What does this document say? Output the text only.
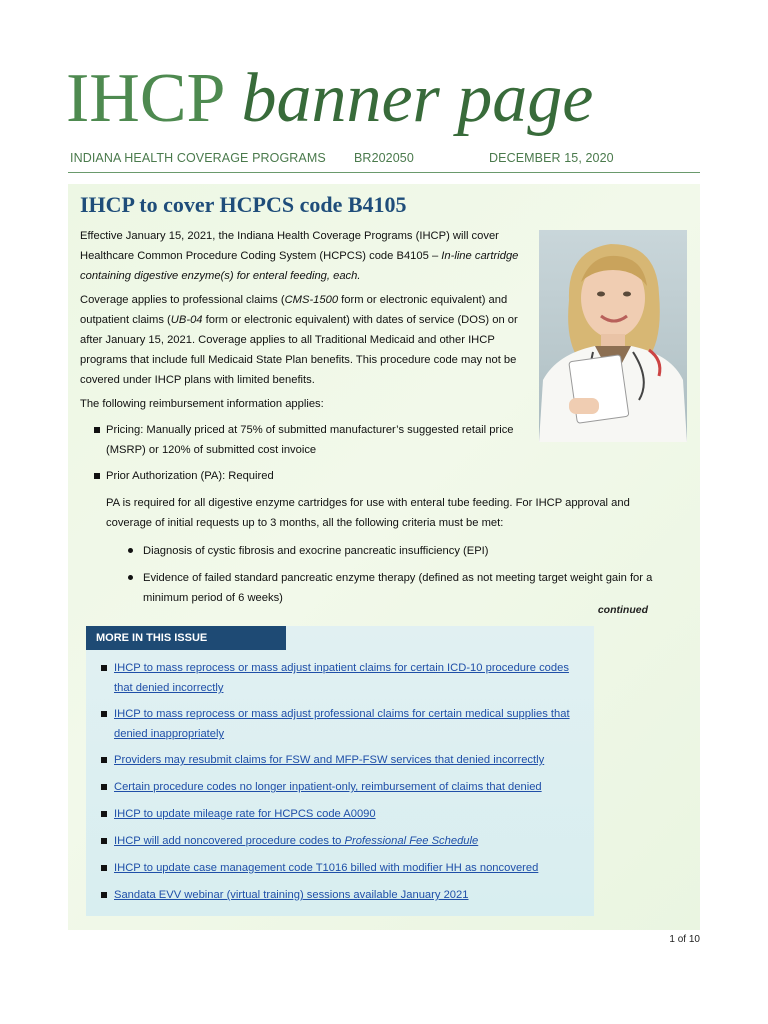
IHCP banner page
INDIANA HEALTH COVERAGE PROGRAMS BR202050	DECEMBER 15, 2020
IHCP to cover HCPCS code B4105
Effective January 15, 2021, the Indiana Health Coverage Programs (IHCP) will cover
Healthcare Common Procedure Coding System (HCPCS) code B4105 – In-line cartridge
containing digestive enzyme(s) for enteral feeding, each.
Coverage applies to professional claims (CMS-1500 form or electronic equivalent) and
outpatient claims (UB-04 form or electronic equivalent) with dates of service (DOS) on or
after January 15, 2021. Coverage applies to all Traditional Medicaid and other IHCP
programs that include full Medicaid State Plan benefits. This procedure code may not be
covered under IHCP plans with limited benefits.
The following reimbursement information applies:
Pricing: Manually priced at 75% of submitted manufacturer’s suggested retail price
(MSRP) or 120% of submitted cost invoice
Prior Authorization (PA): Required
PA is required for all digestive enzyme cartridges for use with enteral tube feeding. For IHCP approval and
coverage of initial requests up to 3 months, all the following criteria must be met:
Diagnosis of cystic fibrosis and exocrine pancreatic insufficiency (EPI)
Evidence of failed standard pancreatic enzyme therapy (defined as not meeting target weight gain for a
minimum period of 6 weeks)
continued
MORE IN THIS ISSUE
IHCP to mass reprocess or mass adjust inpatient claims for certain ICD-10 procedure codes
that denied incorrectly
IHCP to mass reprocess or mass adjust professional claims for certain medical supplies that
denied inappropriately
Providers may resubmit claims for FSW and MFP-FSW services that denied incorrectly
Certain procedure codes no longer inpatient-only, reimbursement of claims that denied
IHCP to update mileage rate for HCPCS code A0090
IHCP will add noncovered procedure codes to Professional Fee Schedule
IHCP to update case management code T1016 billed with modifier HH as noncovered
Sandata EVV webinar (virtual training) sessions available January 2021
1 of 10
